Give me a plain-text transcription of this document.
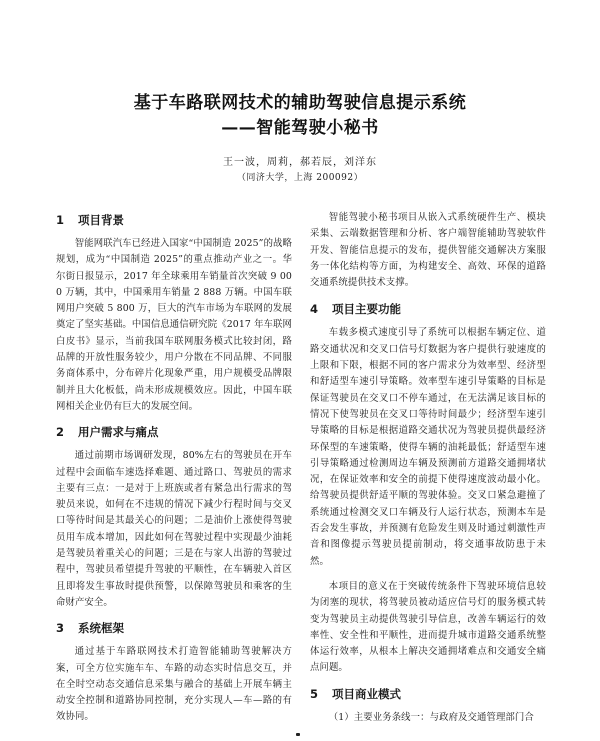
基于车路联网技术的辅助驾驶信息提示系统
——智能驾驶小秘书
王一波，周莉，郝若辰，刘洋东
（同济大学，上海 200092）
1 项目背景

智能网联汽车已经进入国家“中国制造 2025”的战略规划，成为“中国制造 2025”的重点推动产业之一。华尔街日报显示，2017 年全球乘用车销量首次突破 9 000 万辆，其中，中国乘用车销量 2 888 万辆。中国车联网用户突破 5 800 万，巨大的汽车市场为车联网的发展奠定了坚实基础。中国信息通信研究院《2017 年车联网白皮书》显示，当前我国车联网服务模式比较封闭，路品牌的开放性服务较少，用户分散在不同品牌、不同服务商体系中，分布碎片化现象严重，用户规模受品牌限制并且大化板低，尚未形成规模效应。因此，中国车联网相关企业仍有巨大的发展空间。

2 用户需求与痛点

通过前期市场调研发现，80%左右的驾驶员在开车过程中会面临车速选择难题、通过路口、驾驶员的需求主要有三点：一是对于上班族或者有紧急出行需求的驾驶员来说，如何在不违规的情况下减少行程时间与交叉口等待时间是其最关心的问题；二是油价上涨使得驾驶员用车成本增加，因此如何在驾驶过程中实现最少油耗是驾驶员着重关心的问题；三是在与家人出游的驾驶过程中，驾驶员希望提升驾驶的平顺性，在车辆驶入首区且即将发生事故时提供预警，以保障驾驶员和乘客的生命财产安全。

3 系统框架

通过基于车路联网技术打造智能辅助驾驶解决方案，可全方位实施车车、车路的动态实时信息交互，并在全时空动态交通信息采集与融合的基础上开展车辆主动安全控制和道路协同控制，充分实现人—车—路的有效协同。

智能驾驶小秘书项目从嵌入式系统硬件生产、模块采集、云端数据管理和分析、客户端智能辅助驾驶软件开发、智能信息提示的发布，提供智能交通解决方案服务一体化结构等方面，为构建安全、高效、环保的道路交通系统提供技术支撑。

4 项目主要功能

车载多模式速度引导了系统可以根据车辆定位、道路交通状况和交叉口信号灯数据为客户提供行驶速度的上限和下限，根据不同的客户需求分为效率型、经济型和舒适型车速引导策略。效率型车速引导策略的目标是保证驾驶员在交叉口不停车通过，在无法满足该目标的情况下使驾驶员在交叉口等待时间最少；经济型车速引导策略的目标是根据道路交通状况为驾驶员提供最经济环保型的车速策略，使得车辆的油耗最低；舒适型车速引导策略通过检测周边车辆及预测前方道路交通拥堵状况，在保证效率和安全的前提下使得速度波动最小化。给驾驶员提供舒适平顺的驾驶体验。交叉口紧急避撞了系统通过检测交叉口车辆及行人运行状态，预测本车是否会发生事故，并预测有危险发生则及时通过刺激性声音和图像提示驾驶员提前制动，将交通事故防患于未然。

本项目的意义在于突破传统条件下驾驶环境信息较为闭塞的现状，将驾驶员被动适应信号灯的服务模式转变为驾驶员主动提供驾驶引导信息，改善车辆运行的效率性、安全性和平顺性，进而提升城市道路交通系统整体运行效率，从根本上解决交通拥堵难点和交通安全痛点问题。

5 项目商业模式

（1）主要业务条线一：与政府及交通管理部门合
